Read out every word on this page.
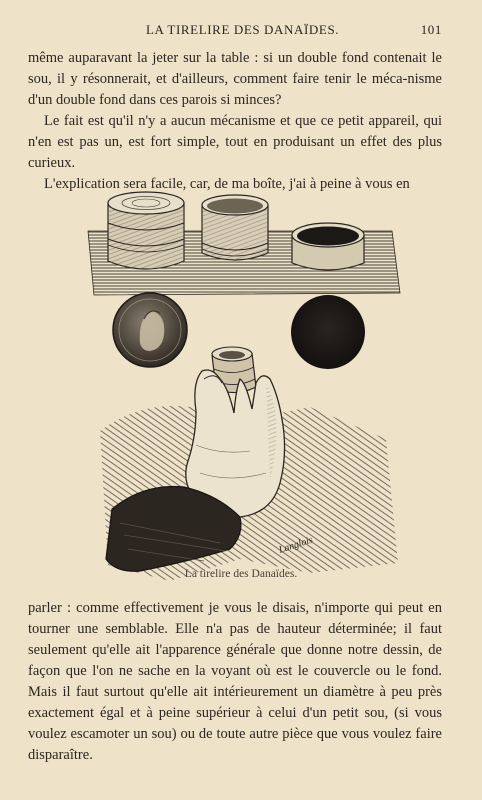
LA TIRELIRE DES DANAÏDES.	101

même auparavant la jeter sur la table : si un double fond contenait le sou, il y résonnerait, et d'ailleurs, comment faire tenir le méca-nisme d'un double fond dans ces parois si minces?

Le fait est qu'il n'y a aucun mécanisme et que ce petit appareil, qui n'en est pas un, est fort simple, tout en produisant un effet des plus curieux.

L'explication sera facile, car, de ma boîte, j'ai à peine à vous en

Langlois
La tirelire des Danaïdes.

parler : comme effectivement je vous le disais, n'importe qui peut en tourner une semblable. Elle n'a pas de hauteur déterminée; il faut seulement qu'elle ait l'apparence générale que donne notre dessin, de façon que l'on ne sache en la voyant où est le couvercle ou le fond. Mais il faut surtout qu'elle ait intérieurement un diamètre à peu près exactement égal et à peine supérieur à celui d'un petit sou, (si vous voulez escamoter un sou) ou de toute autre pièce que vous voulez faire disparaître.
